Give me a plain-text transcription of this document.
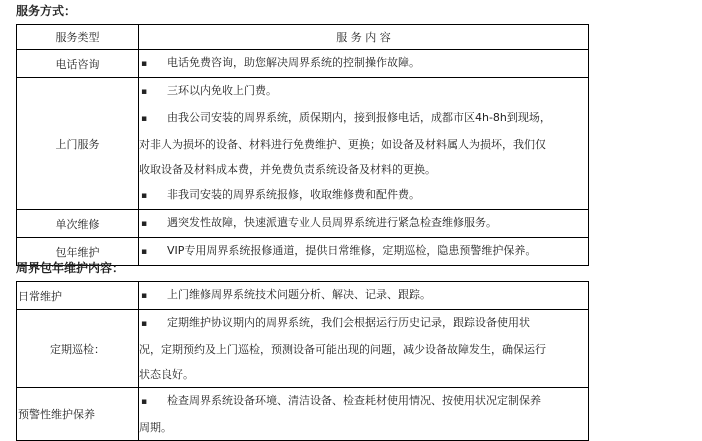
服务方式：
服务类型	服 务 内 容
电话咨询	▪ 电话免费咨询，助您解决周界系统的控制操作故障。

上门服务	▪ 三环以内免收上门费。
▪ 由我公司安装的周界系统，质保期内，接到报修电话，成都市区4h-8h到现场，
对非人为损坏的设备、材料进行免费维护、更换；如设备及材料属人为损坏，我们仅
收取设备及材料成本费，并免费负责系统设备及材料的更换。
▪ 非我司安装的周界系统报修，收取维修费和配件费。

单次维修	▪ 遇突发性故障，快速派遣专业人员周界系统进行紧急检查维修服务。

包年维护	▪ VIP专用周界系统报修通道，提供日常维修，定期巡检，隐患预警维护保养。
周界包年维护内容：
日常维护	▪ 上门维修周界系统技术问题分析、解决、记录、跟踪。

定期巡检：	▪ 定期维护协议期内的周界系统，我们会根据运行历史记录，跟踪设备使用状
况，定期预约及上门巡检，预测设备可能出现的问题，减少设备故障发生，确保运行
状态良好。

预警性维护保养	▪ 检查周界系统设备环境、清洁设备、检查耗材使用情况、按使用状况定制保养
周期。
